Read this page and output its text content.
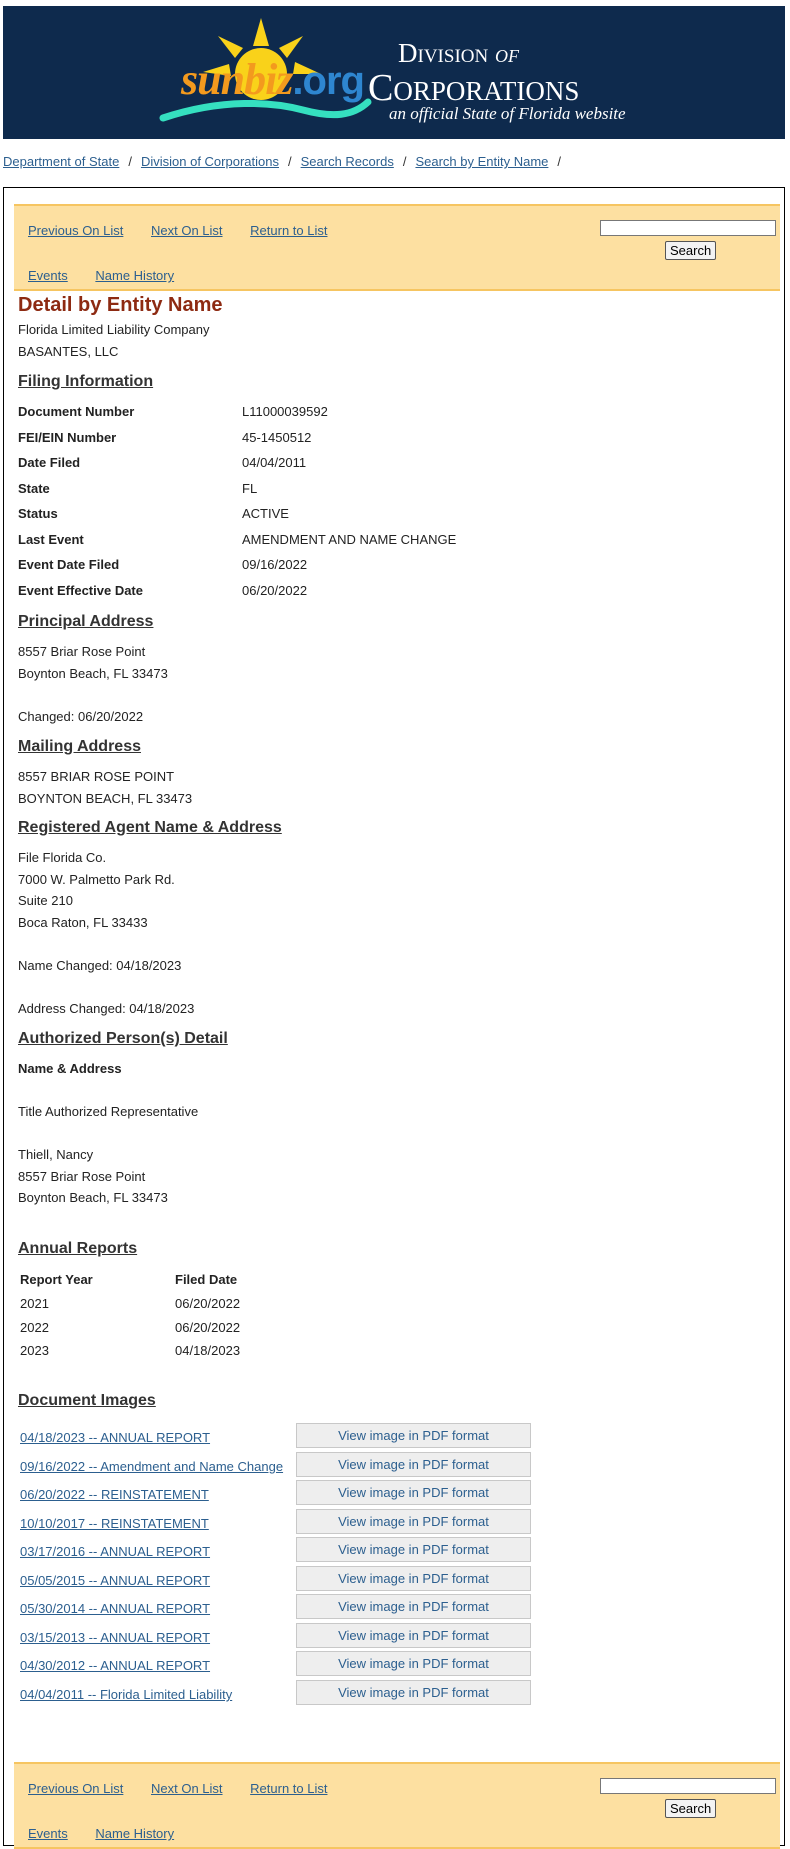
sunbiz.org
Division of
Corporations
an official State of Florida website
Department of State / Division of Corporations / Search Records / Search by Entity Name /
Previous On List Next On List Return to List
Events Name History
Search
Previous On List Next On List Return to List
Events Name History
Search
Detail by Entity Name
Florida Limited Liability Company
BASANTES, LLC
Filing Information
Document Number	L11000039592
FEI/EIN Number	45-1450512
Date Filed	04/04/2011
State	FL
Status	ACTIVE
Last Event	AMENDMENT AND NAME CHANGE
Event Date Filed	09/16/2022
Event Effective Date	06/20/2022
Principal Address
8557 Briar Rose Point
Boynton Beach, FL 33473
Changed: 06/20/2022
Mailing Address
8557 BRIAR ROSE POINT
BOYNTON BEACH, FL 33473
Registered Agent Name & Address
File Florida Co.
7000 W. Palmetto Park Rd.
Suite 210
Boca Raton, FL 33433
Name Changed: 04/18/2023
Address Changed: 04/18/2023
Authorized Person(s) Detail
Name & Address
Title Authorized Representative
Thiell, Nancy
8557 Briar Rose Point
Boynton Beach, FL 33473
Annual Reports
Report Year	Filed Date
2021	06/20/2022
2022	06/20/2022
2023	04/18/2023
Document Images
04/18/2023 -- ANNUAL REPORT	View image in PDF format
09/16/2022 -- Amendment and Name Change	View image in PDF format
06/20/2022 -- REINSTATEMENT	View image in PDF format
10/10/2017 -- REINSTATEMENT	View image in PDF format
03/17/2016 -- ANNUAL REPORT	View image in PDF format
05/05/2015 -- ANNUAL REPORT	View image in PDF format
05/30/2014 -- ANNUAL REPORT	View image in PDF format
03/15/2013 -- ANNUAL REPORT	View image in PDF format
04/30/2012 -- ANNUAL REPORT	View image in PDF format
04/04/2011 -- Florida Limited Liability	View image in PDF format
